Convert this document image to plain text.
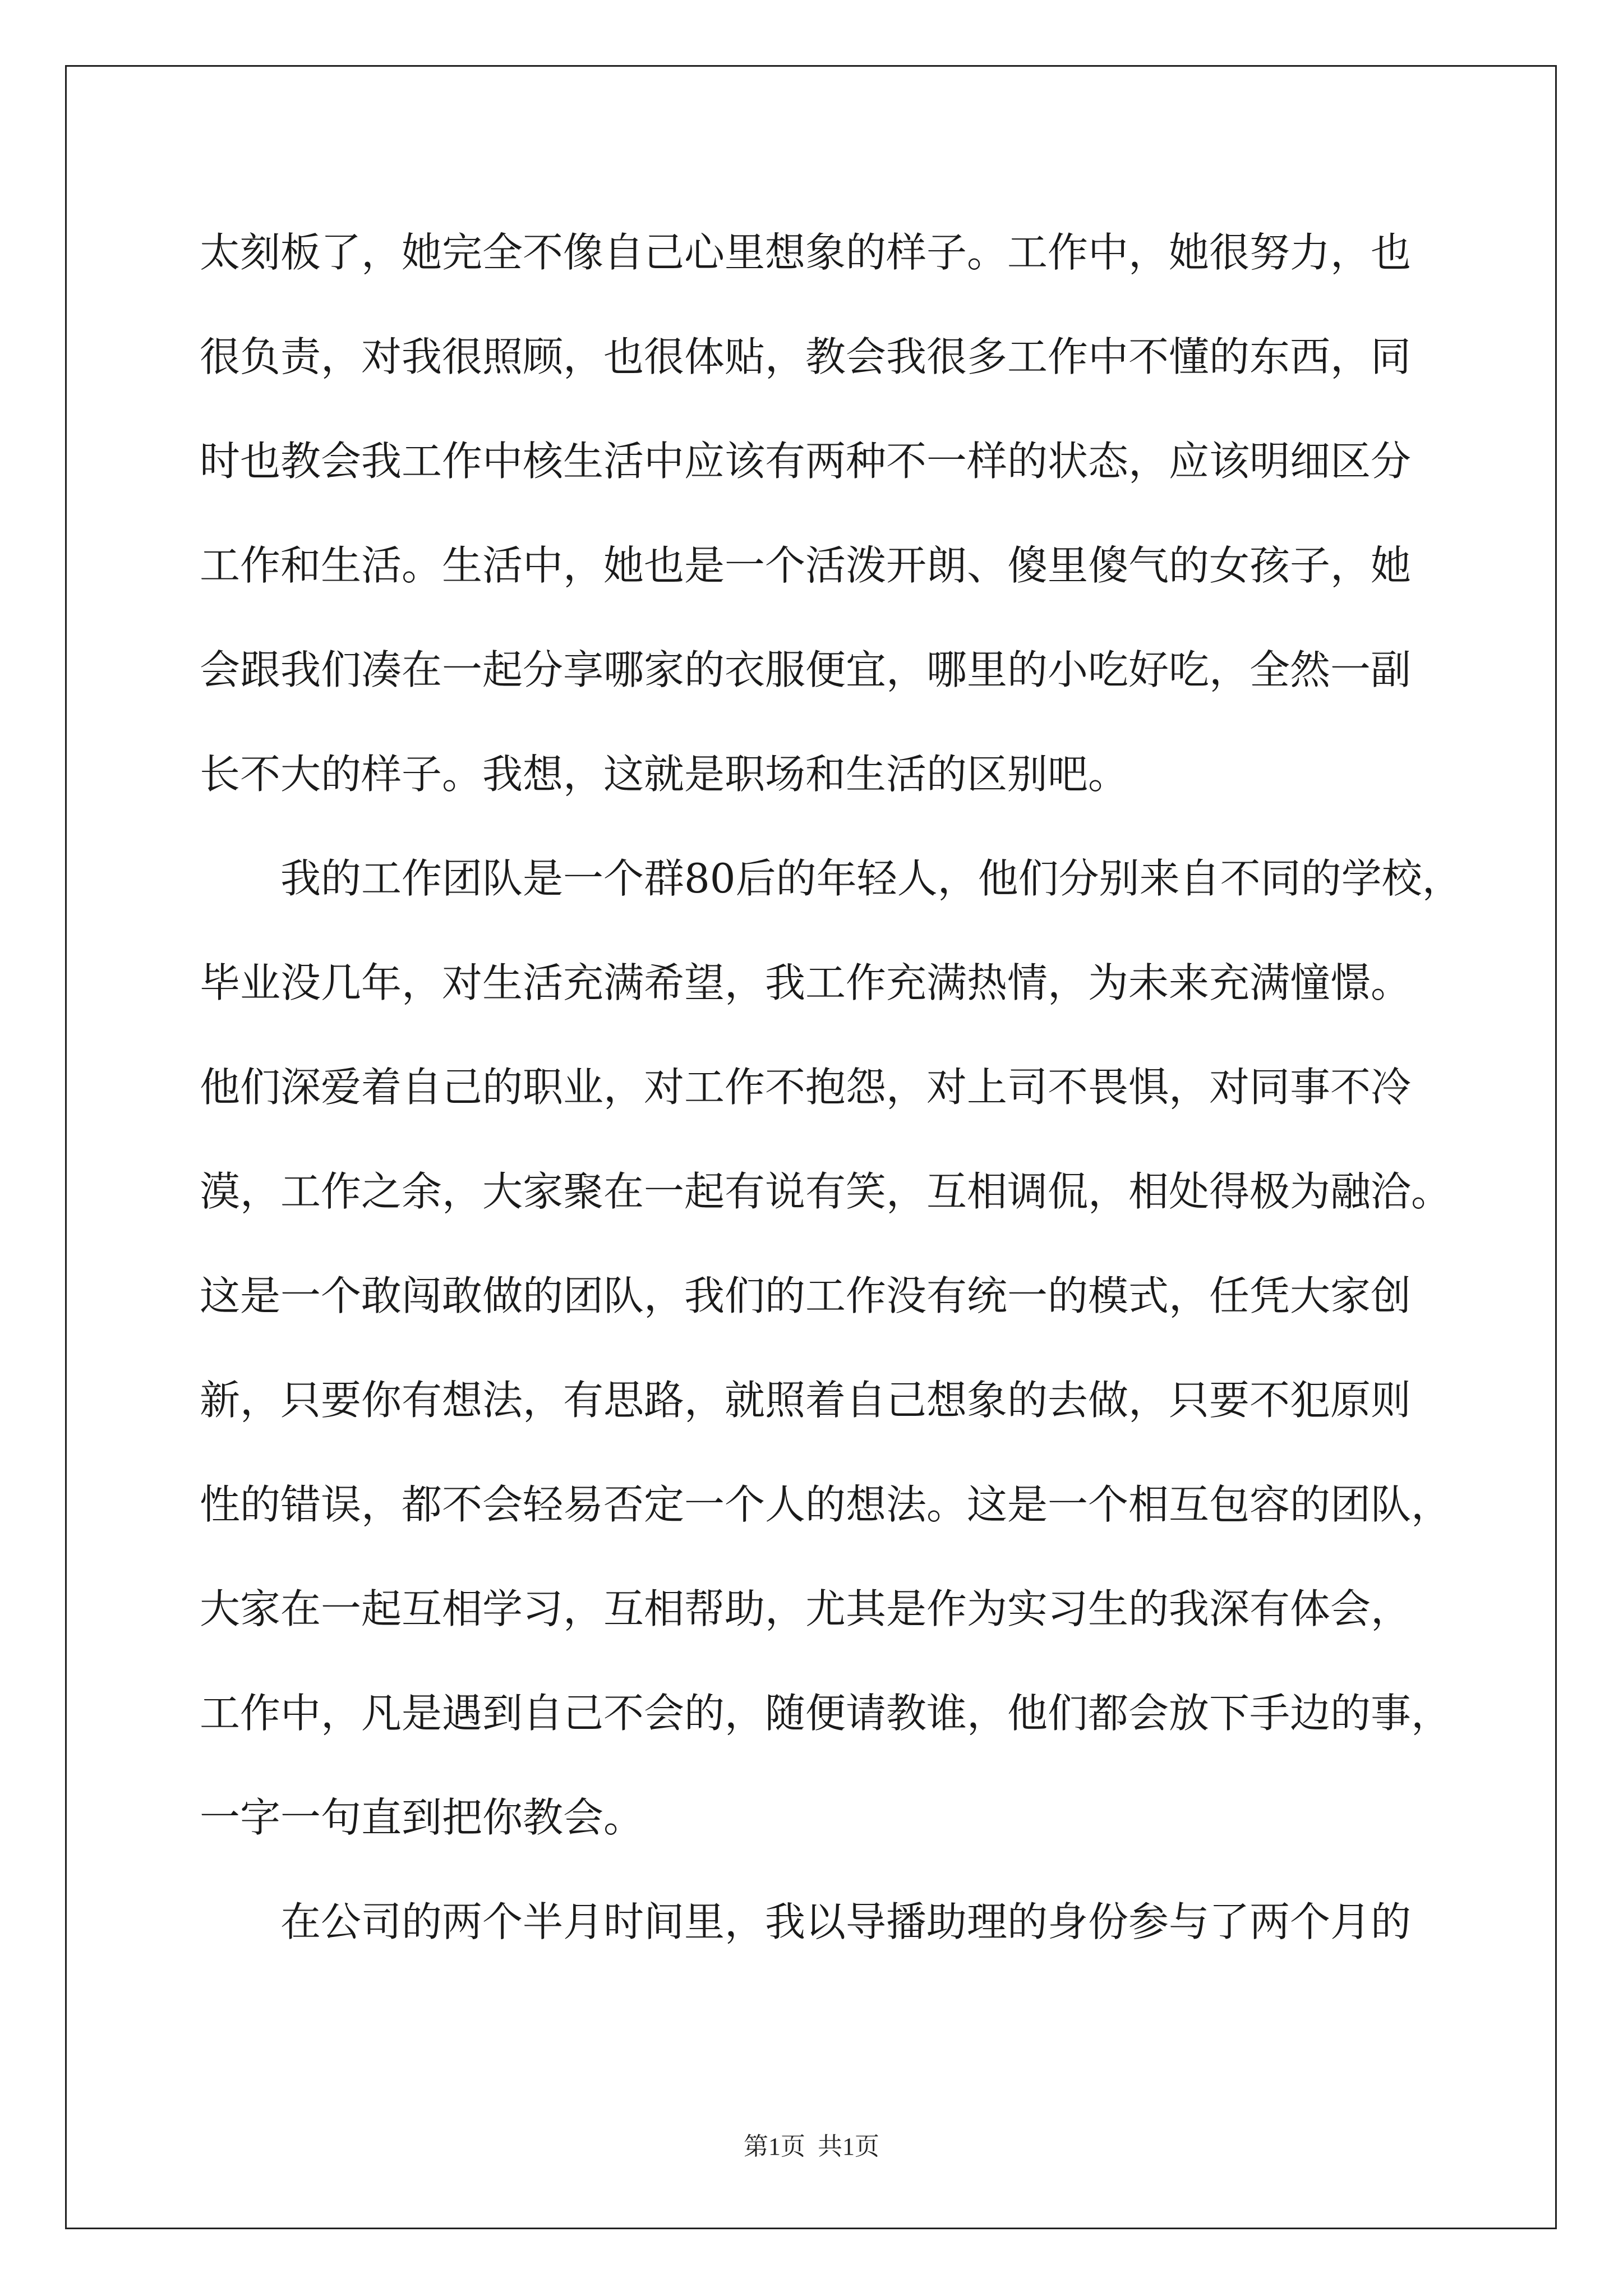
太刻板了，她完全不像自己心里想象的样子。工作中，她很努力，也
很负责，对我很照顾，也很体贴，教会我很多工作中不懂的东西，同
时也教会我工作中核生活中应该有两种不一样的状态，应该明细区分
工作和生活。生活中，她也是一个活泼开朗、傻里傻气的女孩子，她
会跟我们凑在一起分享哪家的衣服便宜，哪里的小吃好吃，全然一副
长不大的样子。我想，这就是职场和生活的区别吧。
我的工作团队是一个群80后的年轻人，他们分别来自不同的学校，
毕业没几年，对生活充满希望，我工作充满热情，为未来充满憧憬。
他们深爱着自己的职业，对工作不抱怨，对上司不畏惧，对同事不冷
漠，工作之余，大家聚在一起有说有笑，互相调侃，相处得极为融洽。
这是一个敢闯敢做的团队，我们的工作没有统一的模式，任凭大家创
新，只要你有想法，有思路，就照着自己想象的去做，只要不犯原则
性的错误，都不会轻易否定一个人的想法。这是一个相互包容的团队，
大家在一起互相学习，互相帮助，尤其是作为实习生的我深有体会，
工作中，凡是遇到自己不会的，随便请教谁，他们都会放下手边的事，
一字一句直到把你教会。
在公司的两个半月时间里，我以导播助理的身份参与了两个月的
第1页  共1页
